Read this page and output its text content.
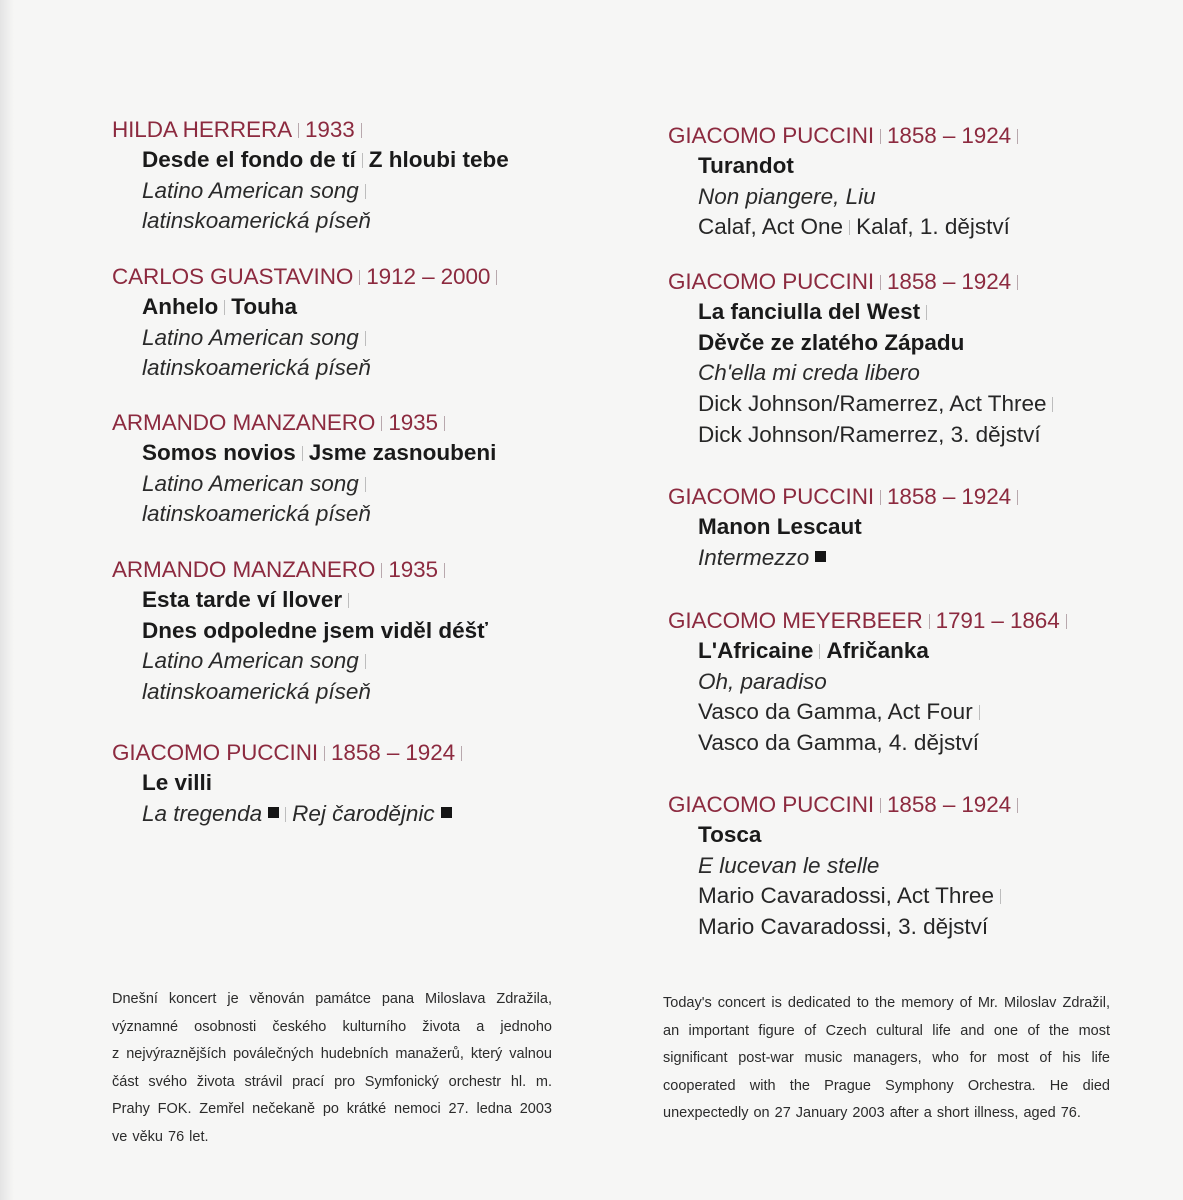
HILDA HERRERA 1933
Desde el fondo de tí Z hloubi tebe
Latino American song
latinskoamerická píseň
CARLOS GUASTAVINO 1912 – 2000
Anhelo Touha
Latino American song
latinskoamerická píseň
ARMANDO MANZANERO 1935
Somos novios Jsme zasnoubeni
Latino American song
latinskoamerická píseň
ARMANDO MANZANERO 1935
Esta tarde ví llover
Dnes odpoledne jsem viděl déšť
Latino American song
latinskoamerická píseň
GIACOMO PUCCINI 1858 – 1924
Le villi
La tregenda Rej čarodějnic
GIACOMO PUCCINI 1858 – 1924
Turandot
Non piangere, Liu
Calaf, Act One Kalaf, 1. dějství
GIACOMO PUCCINI 1858 – 1924
La fanciulla del West
Děvče ze zlatého Západu
Ch'ella mi creda libero
Dick Johnson/Ramerrez, Act Three
Dick Johnson/Ramerrez, 3. dějství
GIACOMO PUCCINI 1858 – 1924
Manon Lescaut
Intermezzo
GIACOMO MEYERBEER 1791 – 1864
L'Africaine Afričanka
Oh, paradiso
Vasco da Gamma, Act Four
Vasco da Gamma, 4. dějství
GIACOMO PUCCINI 1858 – 1924
Tosca
E lucevan le stelle
Mario Cavaradossi, Act Three
Mario Cavaradossi, 3. dějství
Dnešní koncert je věnován památce pana Miloslava Zdražila,
významné osobnosti českého kulturního života a jednoho
z nejvýraznějších poválečných hudebních manažerů, který valnou
část svého života strávil prací pro Symfonický orchestr hl. m.
Prahy FOK. Zemřel nečekaně po krátké nemoci 27. ledna 2003
ve věku 76 let.
Today's concert is dedicated to the memory of Mr. Miloslav Zdražil,
an important figure of Czech cultural life and one of the most
significant post-war music managers, who for most of his life
cooperated with the Prague Symphony Orchestra. He died
unexpectedly on 27 January 2003 after a short illness, aged 76.
